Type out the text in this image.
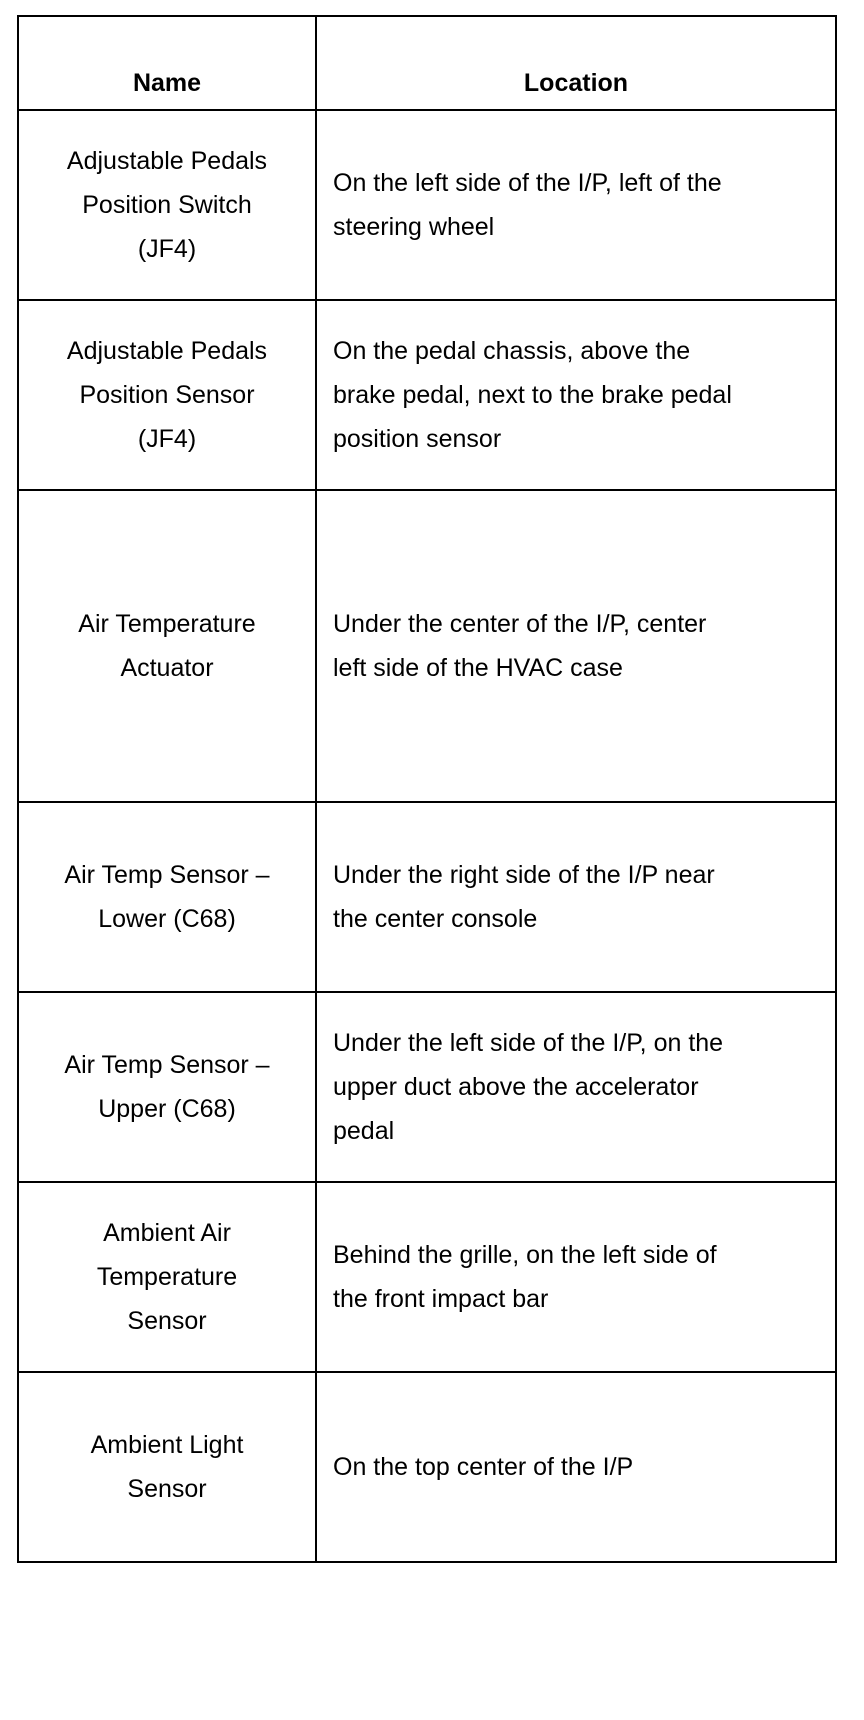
Name	Location

Adjustable Pedals
Position Switch
(JF4)	On the left side of the I/P, left of the
steering wheel

Adjustable Pedals
Position Sensor
(JF4)	On the pedal chassis, above the
brake pedal, next to the brake pedal
position sensor

Air Temperature
Actuator	Under the center of the I/P, center
left side of the HVAC case

Air Temp Sensor –
Lower (C68)	Under the right side of the I/P near
the center console

Air Temp Sensor –
Upper (C68)	Under the left side of the I/P, on the
upper duct above the accelerator
pedal

Ambient Air
Temperature
Sensor	Behind the grille, on the left side of
the front impact bar

Ambient Light
Sensor	On the top center of the I/P
